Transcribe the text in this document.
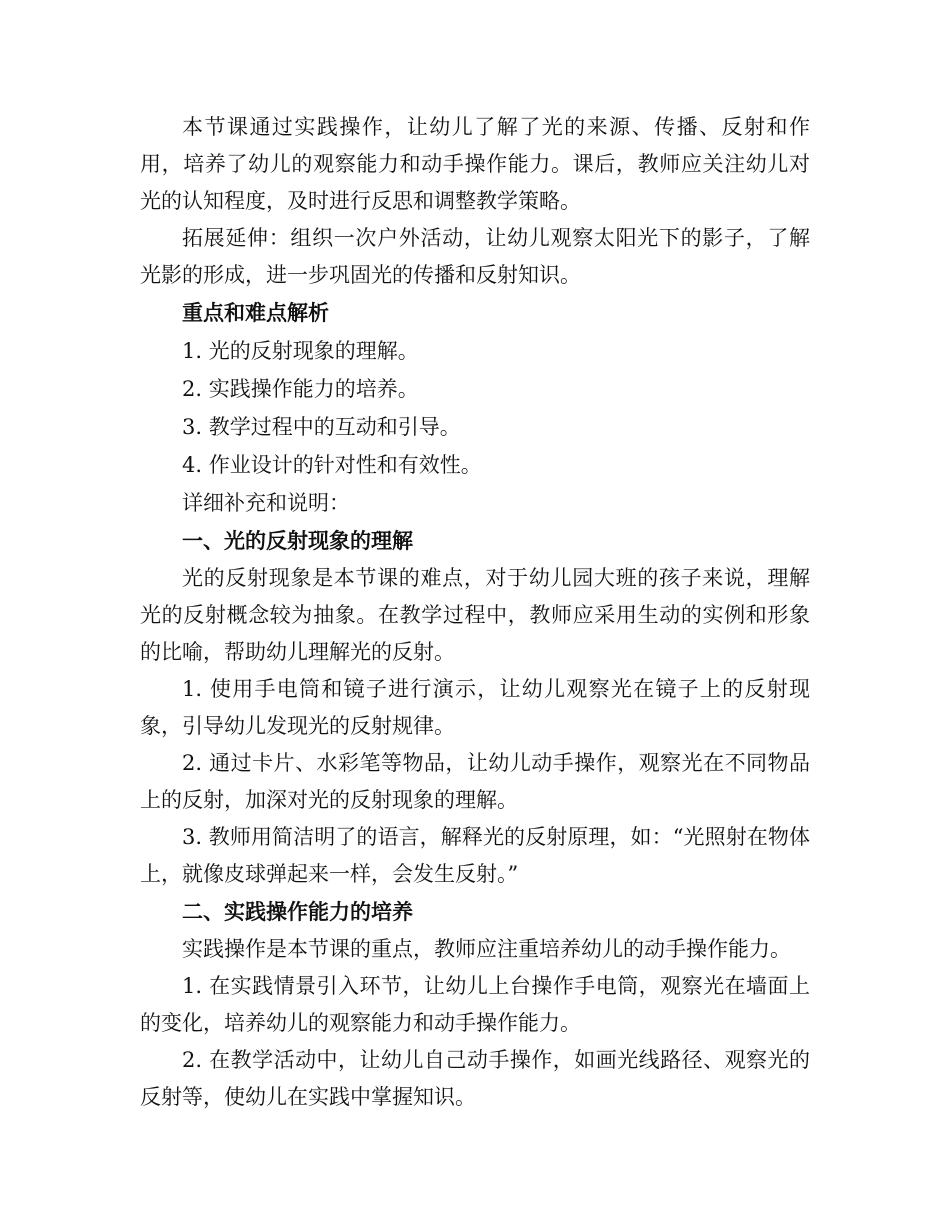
本节课通过实践操作，让幼儿了解了光的来源、传播、反射和作用，培养了幼儿的观察能力和动手操作能力。课后，教师应关注幼儿对光的认知程度，及时进行反思和调整教学策略。

拓展延伸：组织一次户外活动，让幼儿观察太阳光下的影子，了解光影的形成，进一步巩固光的传播和反射知识。

重点和难点解析

1. 光的反射现象的理解。

2. 实践操作能力的培养。

3. 教学过程中的互动和引导。

4. 作业设计的针对性和有效性。

详细补充和说明：

一、光的反射现象的理解

光的反射现象是本节课的难点，对于幼儿园大班的孩子来说，理解光的反射概念较为抽象。在教学过程中，教师应采用生动的实例和形象的比喻，帮助幼儿理解光的反射。

1. 使用手电筒和镜子进行演示，让幼儿观察光在镜子上的反射现象，引导幼儿发现光的反射规律。

2. 通过卡片、水彩笔等物品，让幼儿动手操作，观察光在不同物品上的反射，加深对光的反射现象的理解。

3. 教师用简洁明了的语言，解释光的反射原理，如：“光照射在物体上，就像皮球弹起来一样，会发生反射。”

二、实践操作能力的培养

实践操作是本节课的重点，教师应注重培养幼儿的动手操作能力。

1. 在实践情景引入环节，让幼儿上台操作手电筒，观察光在墙面上的变化，培养幼儿的观察能力和动手操作能力。

2. 在教学活动中，让幼儿自己动手操作，如画光线路径、观察光的反射等，使幼儿在实践中掌握知识。
